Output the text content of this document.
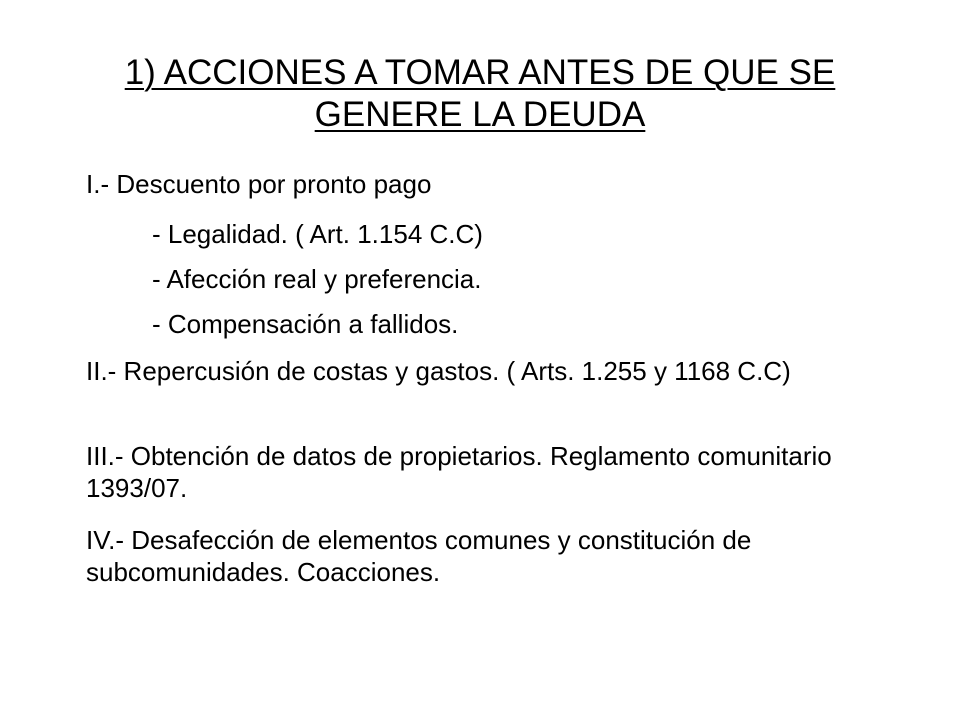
1) ACCIONES A TOMAR ANTES DE QUE SE
GENERE LA DEUDA
I.- Descuento por pronto pago
- Legalidad. ( Art. 1.154 C.C)
- Afección real y preferencia.
- Compensación a fallidos.
II.- Repercusión de costas y gastos. ( Arts. 1.255 y 1168 C.C)
III.- Obtención de datos de propietarios. Reglamento comunitario 1393/07.
IV.- Desafección de elementos comunes y constitución de subcomunidades. Coacciones.
